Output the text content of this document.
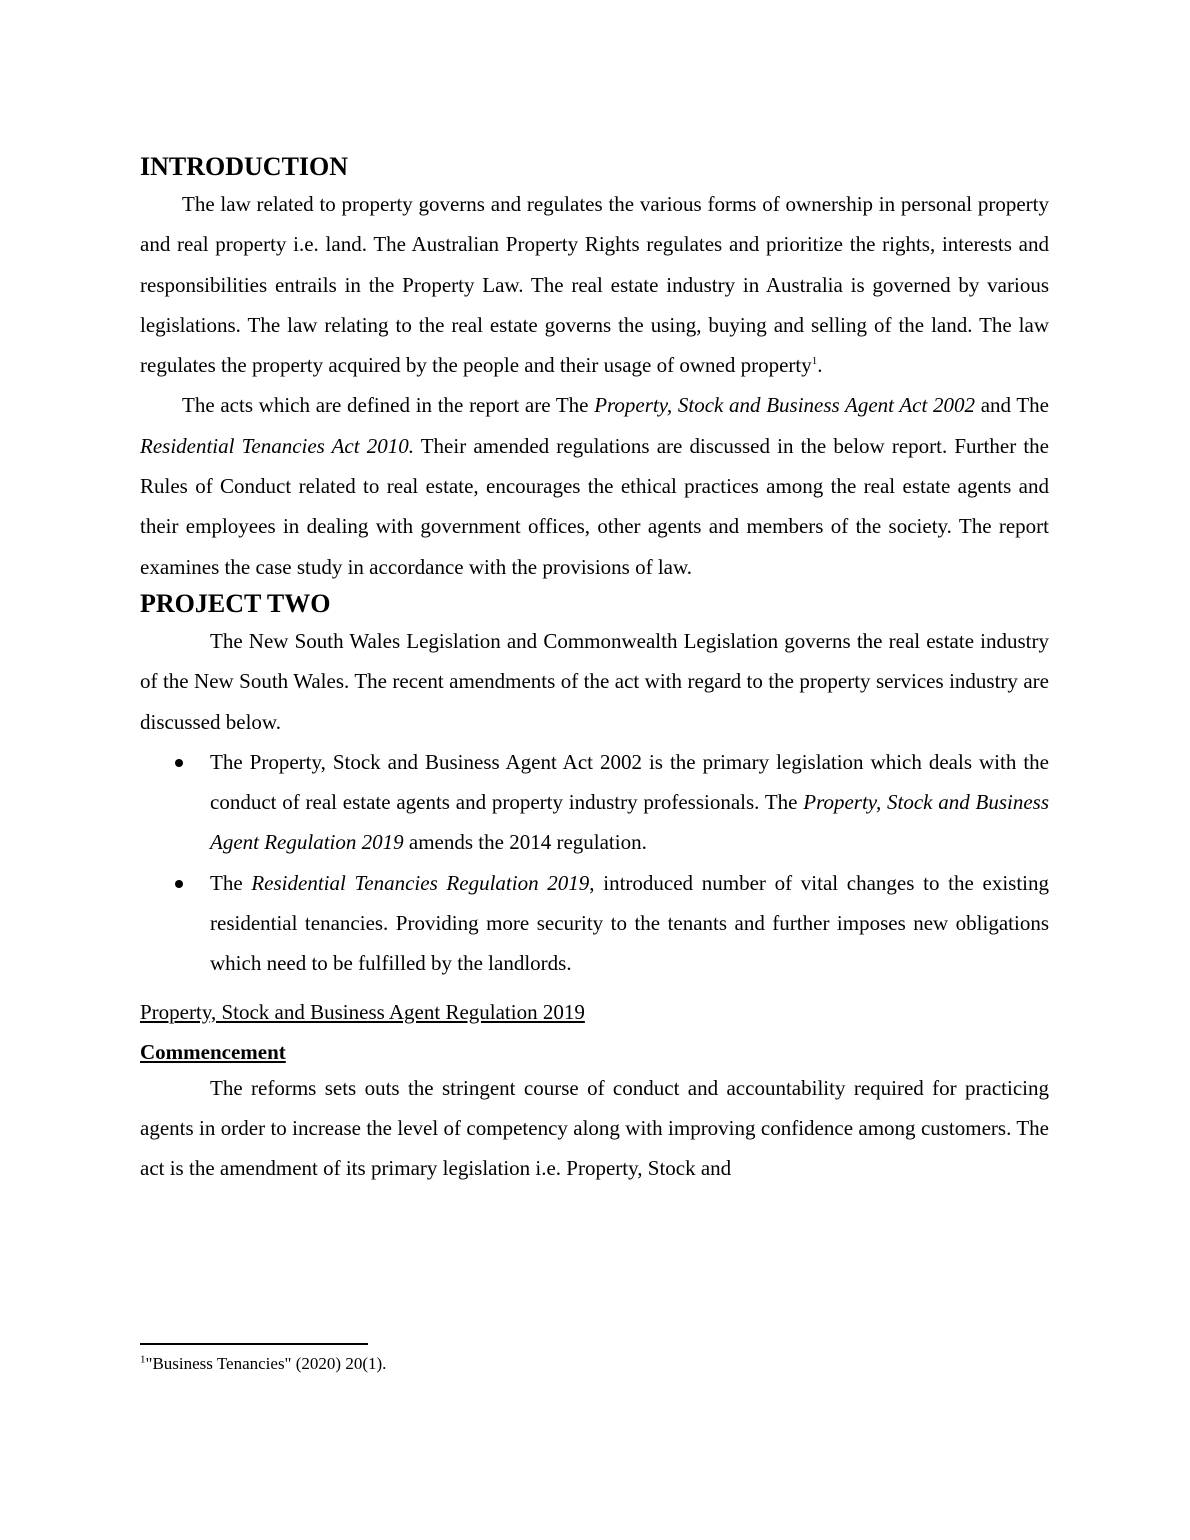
INTRODUCTION

The law related to property governs and regulates the various forms of ownership in personal property and real property i.e. land. The Australian Property Rights regulates and prioritize the rights, interests and responsibilities entrails in the Property Law. The real estate industry in Australia is governed by various legislations. The law relating to the real estate governs the using, buying and selling of the land. The law regulates the property acquired by the people and their usage of owned property$^1$.

The acts which are defined in the report are The Property, Stock and Business Agent Act 2002 and The Residential Tenancies Act 2010. Their amended regulations are discussed in the below report. Further the Rules of Conduct related to real estate, encourages the ethical practices among the real estate agents and their employees in dealing with government offices, other agents and members of the society. The report examines the case study in accordance with the provisions of law.

PROJECT TWO

The New South Wales Legislation and Commonwealth Legislation governs the real estate industry of the New South Wales. The recent amendments of the act with regard to the property services industry are discussed below.

The Property, Stock and Business Agent Act 2002 is the primary legislation which deals with the conduct of real estate agents and property industry professionals. The Property, Stock and Business Agent Regulation 2019 amends the 2014 regulation.
The Residential Tenancies Regulation 2019, introduced number of vital changes to the existing residential tenancies. Providing more security to the tenants and further imposes new obligations which need to be fulfilled by the landlords.

Property, Stock and Business Agent Regulation 2019

Commencement

The reforms sets outs the stringent course of conduct and accountability required for practicing agents in order to increase the level of competency along with improving confidence among customers. The act is the amendment of its primary legislation i.e. Property, Stock and

$^1$"Business Tenancies" (2020) 20(1).
